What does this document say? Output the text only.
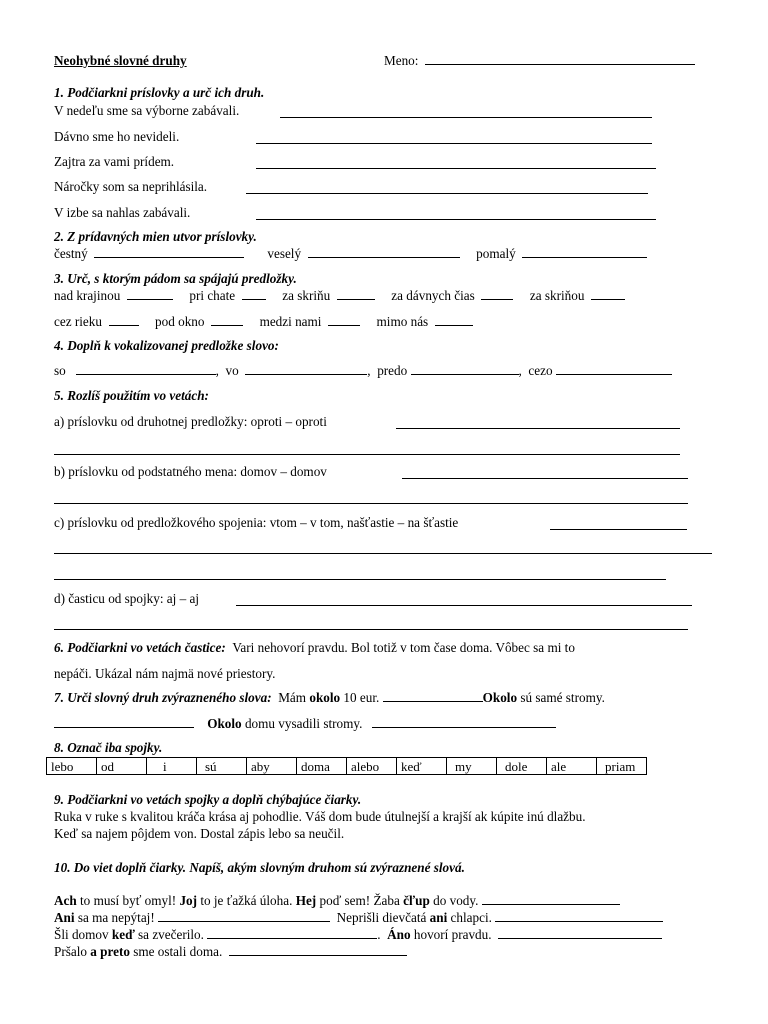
Neohybné slovné druhy	Meno:
1. Podčiarkni príslovky a urč ich druh.
V nedeľu sme sa výborne zabávali.
Dávno sme ho nevideli.
Zajtra za vami prídem.
Náročky som sa neprihlásila.
V izbe sa nahlas zabávali.
2. Z prídavných mien utvor príslovky.
čestný	veselý	pomalý
3. Urč, s ktorým pádom sa spájajú predložky.
nad krajinou	pri chate	za skriňu	za dávnych čias	za skriňou
cez rieku	pod okno	medzi nami	mimo nás
4. Doplň k vokalizovanej predložke slovo:
so	,  vo	,  predo	,  cezo
5. Rozlíš použitím vo vetách:
a) príslovku od druhotnej predložky: oproti – oproti
b) príslovku od podstatného mena: domov – domov
c) príslovku od predložkového spojenia: vtom – v tom, našťastie – na šťastie
d) časticu od spojky: aj – aj
6. Podčiarkni vo vetách častice: Vari nehovorí pravdu. Bol totiž v tom čase doma. Vôbec sa mi to
nepáči. Ukázal nám najmä nové priestory.
7. Urči slovný druh zvýrazneného slova: Mám okolo 10 eur.	Okolo sú samé stromy.
Okolo domu vysadili stromy.
8. Označ iba spojky.
lebo	od	i	sú	aby	doma	alebo	keď	my	dole	ale	priam
9. Podčiarkni vo vetách spojky a doplň chýbajúce čiarky.
Ruka v ruke s kvalitou kráča krása aj pohodlie. Váš dom bude útulnejší a krajší ak kúpite inú dlažbu.
Keď sa najem pôjdem von. Dostal zápis lebo sa neučil.
10. Do viet doplň čiarky. Napíš, akým slovným druhom sú zvýraznené slová.
Ach to musí byť omyl! Joj to je ťažká úloha. Hej poď sem! Žaba čľup do vody.
Ani sa ma nepýtaj!	Neprišli dievčatá ani chlapci.
Šli domov keď sa zvečerilo.	.  Áno hovorí pravdu.
Pršalo a preto sme ostali doma.
